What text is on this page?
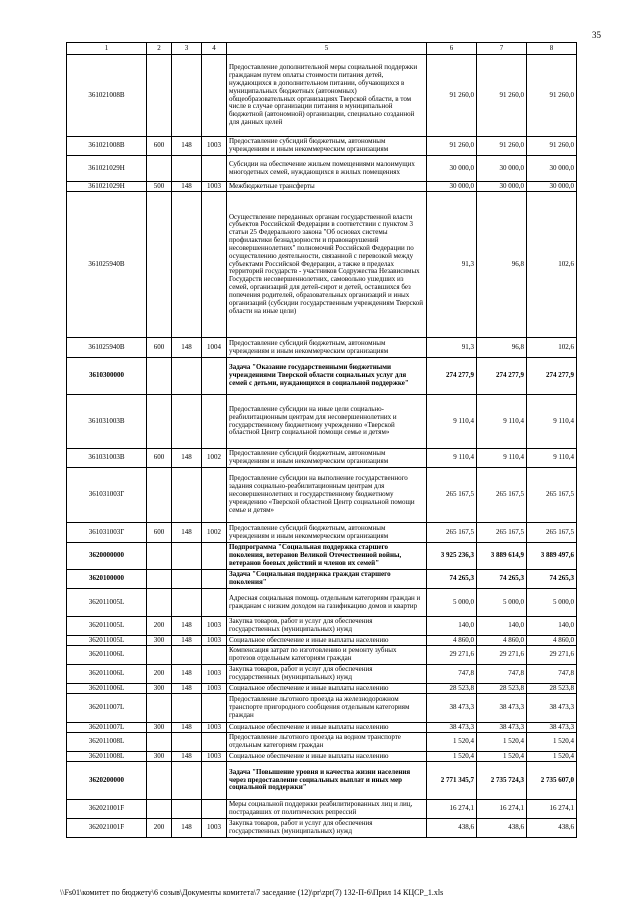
35
1	2	3	4	5	6	7	8
361021008B				Предоставление дополнительной меры социальной поддержки гражданам путем оплаты стоимости питания детей, нуждающихся в дополнительном питании, обучающихся в муниципальных бюджетных (автономных) общеобразовательных организациях Тверской области, в том числе в случае организации питания в муниципальной бюджетной (автономной) организации, специально созданной для данных целей	91 260,0	91 260,0	91 260,0
361021008B	600	148	1003	Предоставление субсидий бюджетным, автономным учреждениям и иным некоммерческим организациям	91 260,0	91 260,0	91 260,0
361021029H				Субсидии на обеспечение жильем помещениями малоимущих многодетных семей, нуждающихся в жилых помещениях	30 000,0	30 000,0	30 000,0
361021029H	500	148	1003	Межбюджетные трансферты	30 000,0	30 000,0	30 000,0
361025940B				Осуществление переданных органам государственной власти субъектов Российской Федерации в соответствии с пунктом 3 статьи 25 Федерального закона "Об основах системы профилактики безнадзорности и правонарушений несовершеннолетних" полномочий Российской Федерации по осуществлению деятельности, связанной с перевозкой между субъектами Российской Федерации, а также в пределах территорий государств - участников Содружества Независимых Государств несовершеннолетних, самовольно ушедших из семей, организаций для детей-сирот и детей, оставшихся без попечения родителей, образовательных организаций и иных организаций (субсидии государственным учреждениям Тверской области на иные цели)	91,3	96,8	102,6
361025940B	600	148	1004	Предоставление субсидий бюджетным, автономным учреждениям и иным некоммерческим организациям	91,3	96,8	102,6
3610300000				Задача "Оказание государственными бюджетными учреждениями Тверской области социальных услуг для семей с детьми, нуждающихся в социальной поддержке"	274 277,9	274 277,9	274 277,9
361031003B				Предоставление субсидии на иные цели социально-реабилитационным центрам для несовершеннолетних и государственному бюджетному учреждению «Тверской областной Центр социальной помощи семье и детям»	9 110,4	9 110,4	9 110,4
361031003B	600	148	1002	Предоставление субсидий бюджетным, автономным учреждениям и иным некоммерческим организациям	9 110,4	9 110,4	9 110,4
361031003Г				Предоставление субсидии на выполнение государственного задания социально-реабилитационным центрам для несовершеннолетних и государственному бюджетному учреждению «Тверской областной Центр социальной помощи семье и детям»	265 167,5	265 167,5	265 167,5
361031003Г	600	148	1002	Предоставление субсидий бюджетным, автономным учреждениям и иным некоммерческим организациям	265 167,5	265 167,5	265 167,5
3620000000				Подпрограмма "Социальная поддержка старшего поколения, ветеранов Великой Отечественной войны, ветеранов боевых действий и членов их семей"	3 925 236,3	3 889 614,9	3 889 497,6
3620100000				Задача "Социальная поддержка граждан старшего поколения"	74 265,3	74 265,3	74 265,3
362011005L				Адресная социальная помощь отдельным категориям граждан и гражданам с низким доходом на газификацию домов и квартир	5 000,0	5 000,0	5 000,0
362011005L	200	148	1003	Закупка товаров, работ и услуг для обеспечения государственных (муниципальных) нужд	140,0	140,0	140,0
362011005L	300	148	1003	Социальное обеспечение и иные выплаты населению	4 860,0	4 860,0	4 860,0
362011006L				Компенсация затрат по изготовлению и ремонту зубных протезов отдельным категориям граждан	29 271,6	29 271,6	29 271,6
362011006L	200	148	1003	Закупка товаров, работ и услуг для обеспечения государственных (муниципальных) нужд	747,8	747,8	747,8
362011006L	300	148	1003	Социальное обеспечение и иные выплаты населению	28 523,8	28 523,8	28 523,8
362011007L				Предоставление льготного проезда на железнодорожном транспорте пригородного сообщения отдельным категориям граждан	38 473,3	38 473,3	38 473,3
362011007L	300	148	1003	Социальное обеспечение и иные выплаты населению	38 473,3	38 473,3	38 473,3
362011008L				Предоставление льготного проезда на водном транспорте отдельным категориям граждан	1 520,4	1 520,4	1 520,4
362011008L	300	148	1003	Социальное обеспечение и иные выплаты населению	1 520,4	1 520,4	1 520,4
3620200000				Задача "Повышение уровня и качества жизни населения через предоставление социальных выплат и иных мер социальной поддержки"	2 771 345,7	2 735 724,3	2 735 607,0
362021001F				Меры социальной поддержки реабилитированных лиц и лиц, пострадавших от политических репрессий	16 274,1	16 274,1	16 274,1
362021001F	200	148	1003	Закупка товаров, работ и услуг для обеспечения государственных (муниципальных) нужд	438,6	438,6	438,6
\\Fs01\комитет по бюджету\6 созыв\Документы комитета\7 заседание (12)\pr\zpr(7) 132-П-6\Прил 14 КЦСР_1.xls
